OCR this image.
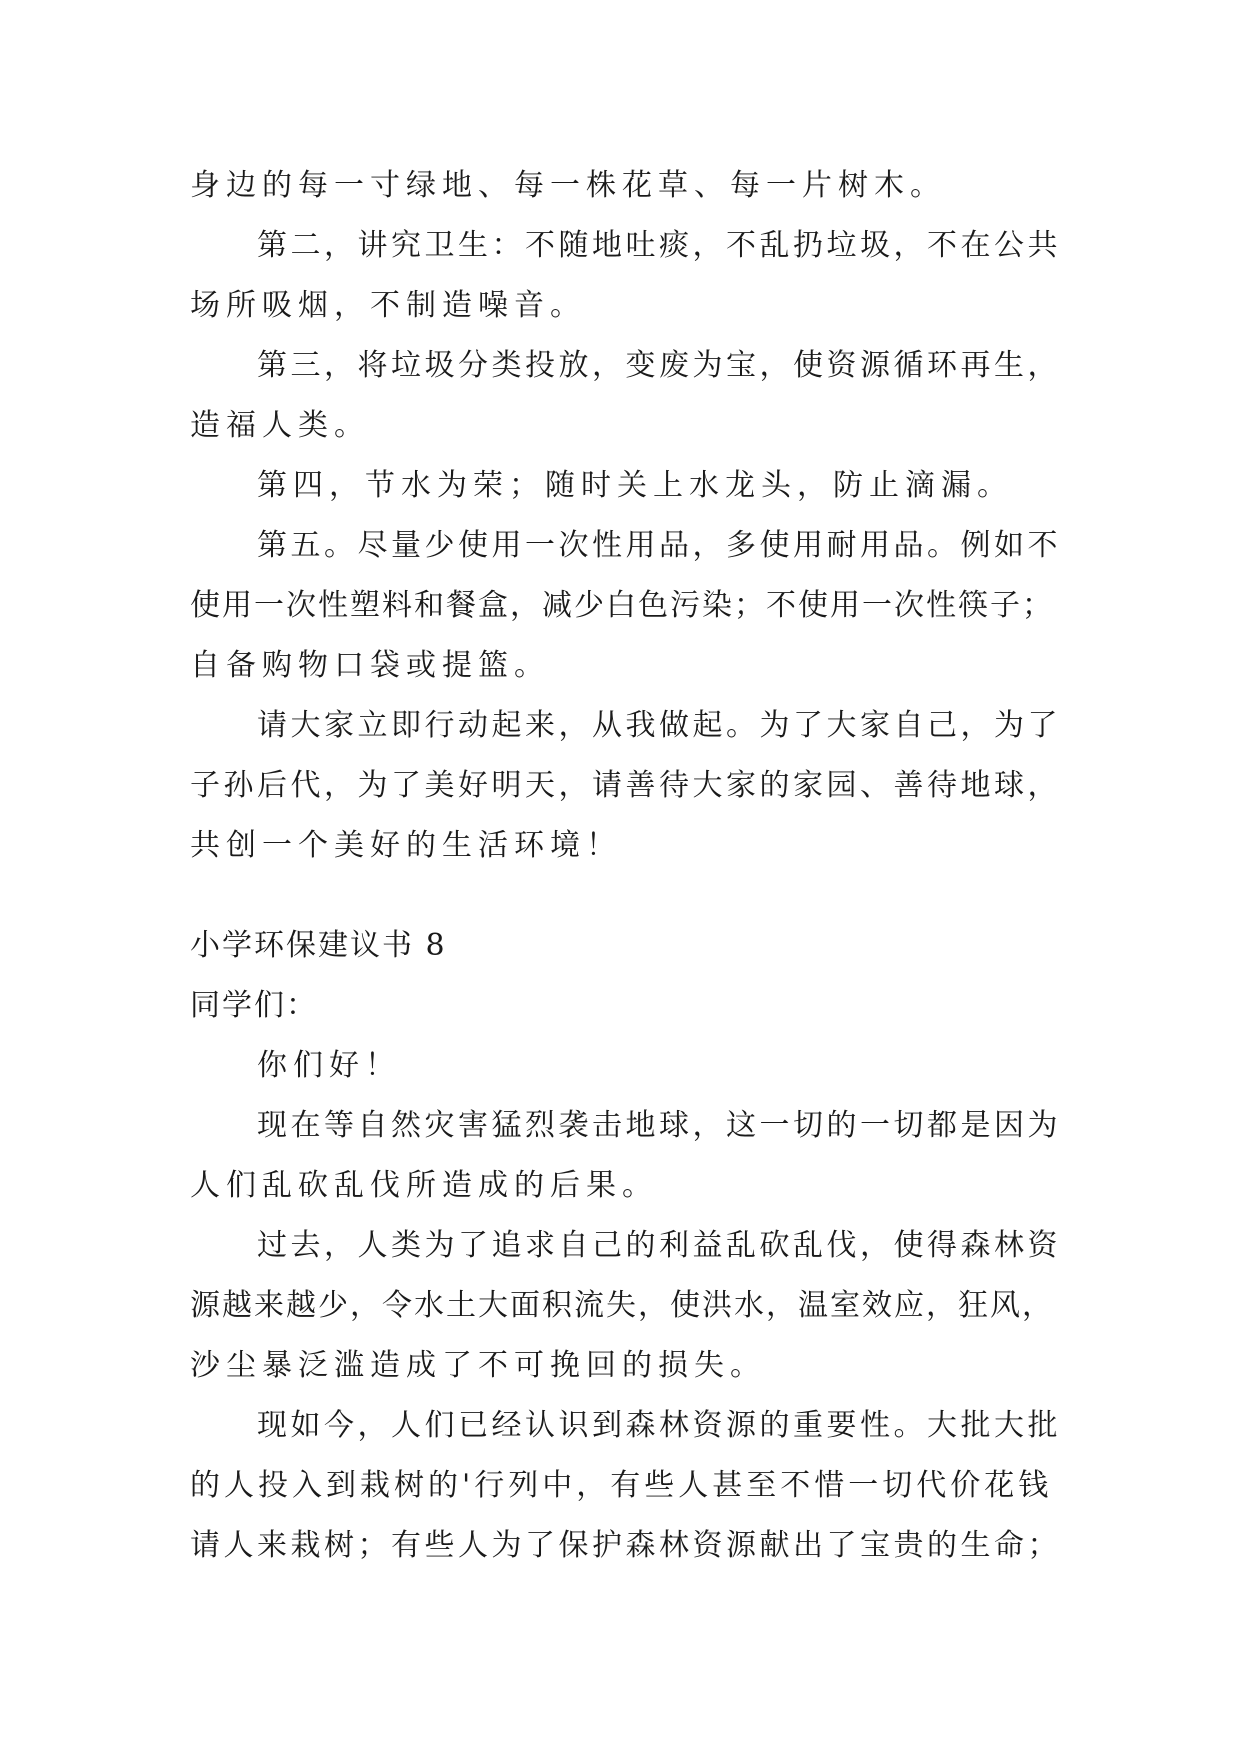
身边的每一寸绿地、每一株花草、每一片树木。
第二，讲究卫生：不随地吐痰，不乱扔垃圾，不在公共
场所吸烟，不制造噪音。
第三，将垃圾分类投放，变废为宝，使资源循环再生，
造福人类。
第四，节水为荣；随时关上水龙头，防止滴漏。
第五。尽量少使用一次性用品，多使用耐用品。例如不
使用一次性塑料和餐盒，减少白色污染；不使用一次性筷子；
自备购物口袋或提篮。
请大家立即行动起来，从我做起。为了大家自己，为了
子孙后代，为了美好明天，请善待大家的家园、善待地球，
共创一个美好的生活环境！
小学环保建议书 8
同学们：
你们好！
现在等自然灾害猛烈袭击地球，这一切的一切都是因为
人们乱砍乱伐所造成的后果。
过去，人类为了追求自己的利益乱砍乱伐，使得森林资
源越来越少，令水土大面积流失，使洪水，温室效应，狂风，
沙尘暴泛滥造成了不可挽回的损失。
现如今，人们已经认识到森林资源的重要性。大批大批
的人投入到栽树的'行列中，有些人甚至不惜一切代价花钱
请人来栽树；有些人为了保护森林资源献出了宝贵的生命；
